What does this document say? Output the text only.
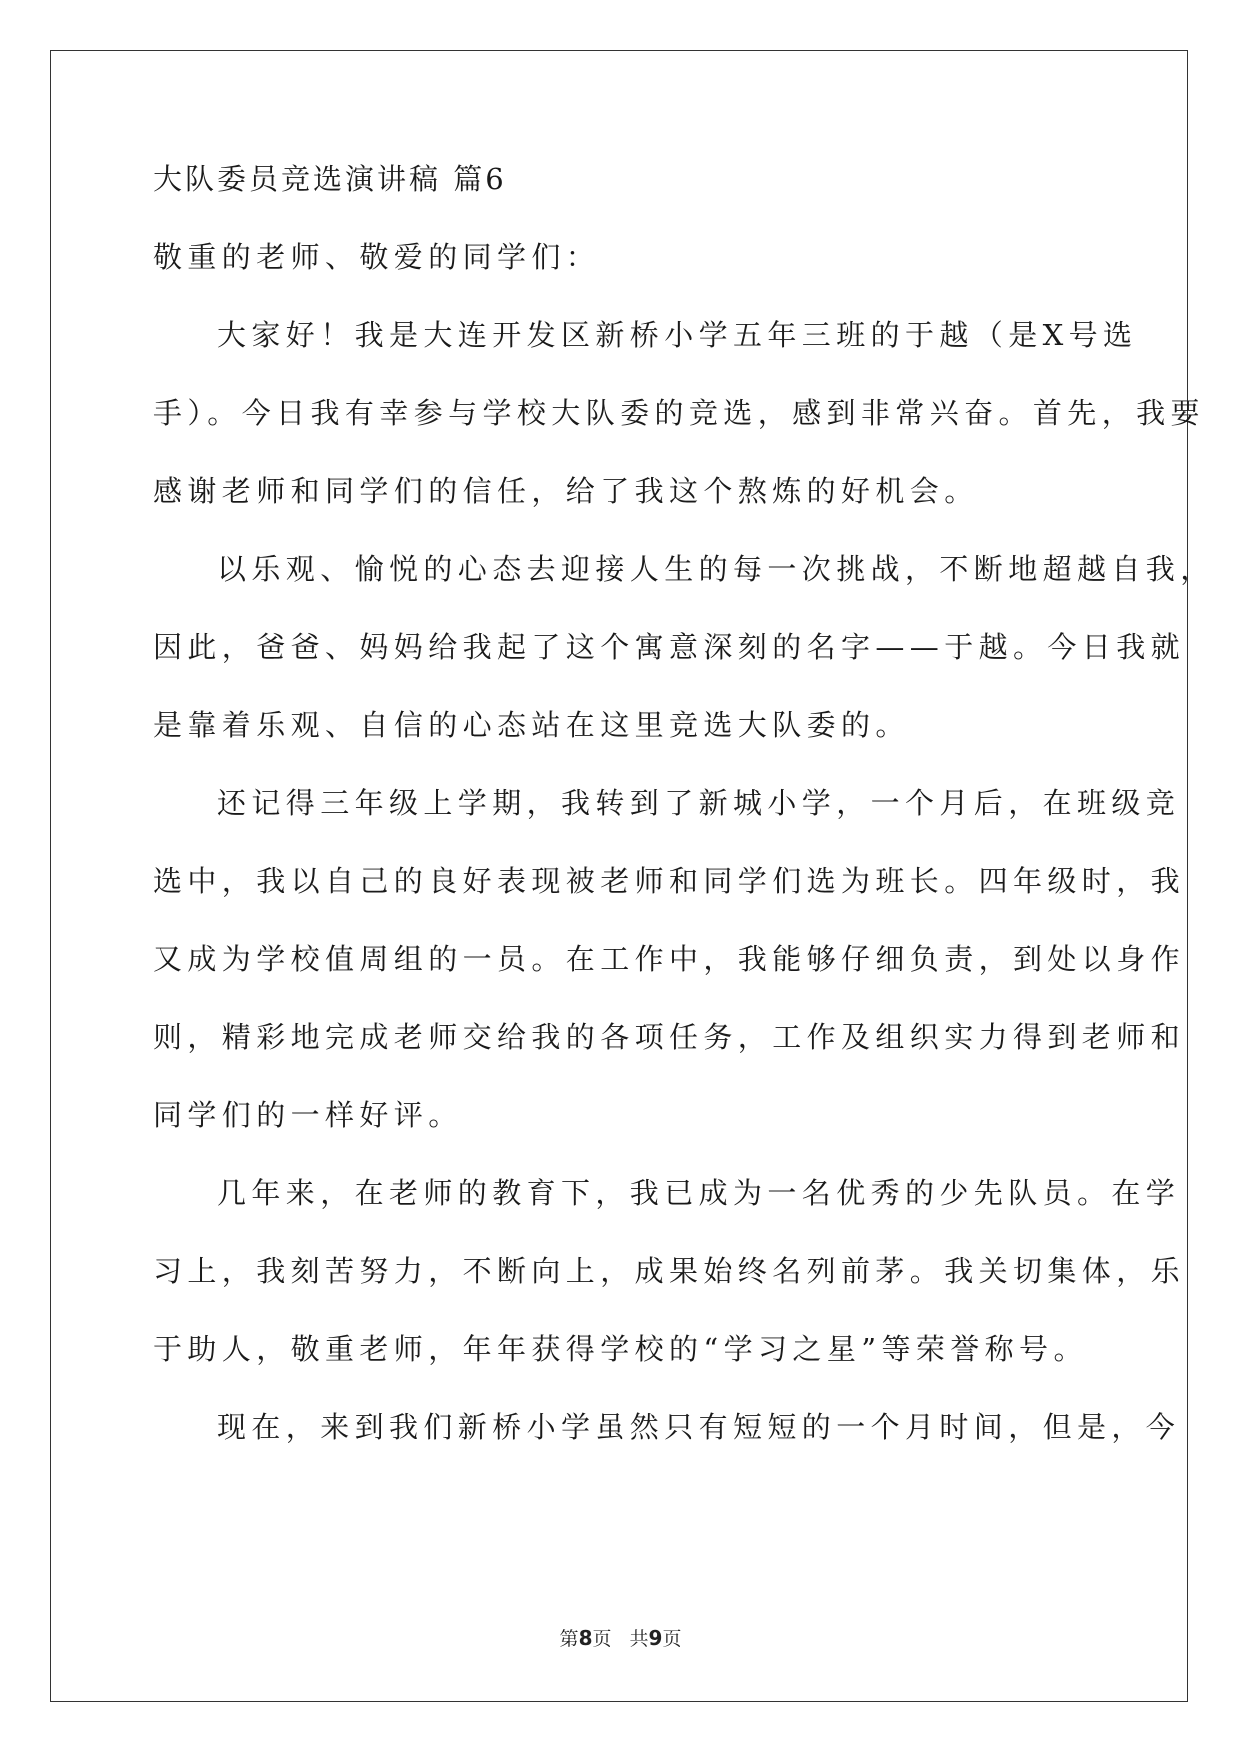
大队委员竞选演讲稿 篇6
敬重的老师、敬爱的同学们：
大家好！我是大连开发区新桥小学五年三班的于越（是X号选
手）。今日我有幸参与学校大队委的竞选，感到非常兴奋。首先，我要
感谢老师和同学们的信任，给了我这个熬炼的好机会。
以乐观、愉悦的心态去迎接人生的每一次挑战，不断地超越自我，
因此，爸爸、妈妈给我起了这个寓意深刻的名字——于越。今日我就
是靠着乐观、自信的心态站在这里竞选大队委的。
还记得三年级上学期，我转到了新城小学，一个月后，在班级竞
选中，我以自己的良好表现被老师和同学们选为班长。四年级时，我
又成为学校值周组的一员。在工作中，我能够仔细负责，到处以身作
则，精彩地完成老师交给我的各项任务，工作及组织实力得到老师和
同学们的一样好评。
几年来，在老师的教育下，我已成为一名优秀的少先队员。在学
习上，我刻苦努力，不断向上，成果始终名列前茅。我关切集体，乐
于助人，敬重老师，年年获得学校的“学习之星”等荣誉称号。
现在，来到我们新桥小学虽然只有短短的一个月时间，但是，今
第8页 共9页
